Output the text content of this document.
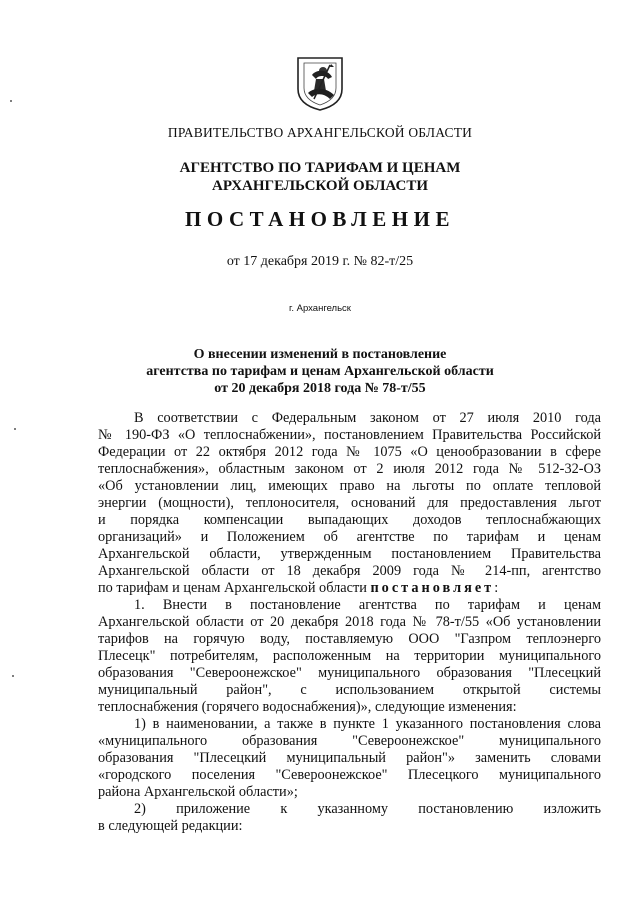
ПРАВИТЕЛЬСТВО АРХАНГЕЛЬСКОЙ ОБЛАСТИ
АГЕНТСТВО ПО ТАРИФАМ И ЦЕНАМ
АРХАНГЕЛЬСКОЙ ОБЛАСТИ
ПОСТАНОВЛЕНИЕ
от 17 декабря 2019 г. № 82-т/25
г. Архангельск
О внесении изменений в постановление
агентства по тарифам и ценам Архангельской области
от 20 декабря 2018 года № 78-т/55
В соответствии с Федеральным законом от 27 июля 2010 года
№ 190-ФЗ «О теплоснабжении», постановлением Правительства Российской
Федерации от 22 октября 2012 года № 1075 «О ценообразовании в сфере
теплоснабжения», областным законом от 2 июля 2012 года № 512-32-ОЗ
«Об установлении лиц, имеющих право на льготы по оплате тепловой
энергии (мощности), теплоносителя, оснований для предоставления льгот
и порядка компенсации выпадающих доходов теплоснабжающих
организаций» и Положением об агентстве по тарифам и ценам
Архангельской области, утвержденным постановлением Правительства
Архангельской области от 18 декабря 2009 года № 214-пп, агентство
по тарифам и ценам Архангельской области постановляет:
1. Внести в постановление агентства по тарифам и ценам
Архангельской области от 20 декабря 2018 года № 78-т/55 «Об установлении
тарифов на горячую воду, поставляемую ООО "Газпром теплоэнерго
Плесецк" потребителям, расположенным на территории муниципального
образования "Североонежское" муниципального образования "Плесецкий
муниципальный район", с использованием открытой системы
теплоснабжения (горячего водоснабжения)», следующие изменения:
1) в наименовании, а также в пункте 1 указанного постановления слова
«муниципального образования "Североонежское" муниципального
образования "Плесецкий муниципальный район"» заменить словами
«городского поселения "Североонежское" Плесецкого муниципального
района Архангельской области»;
2) приложение к указанному постановлению изложить
в следующей редакции:
